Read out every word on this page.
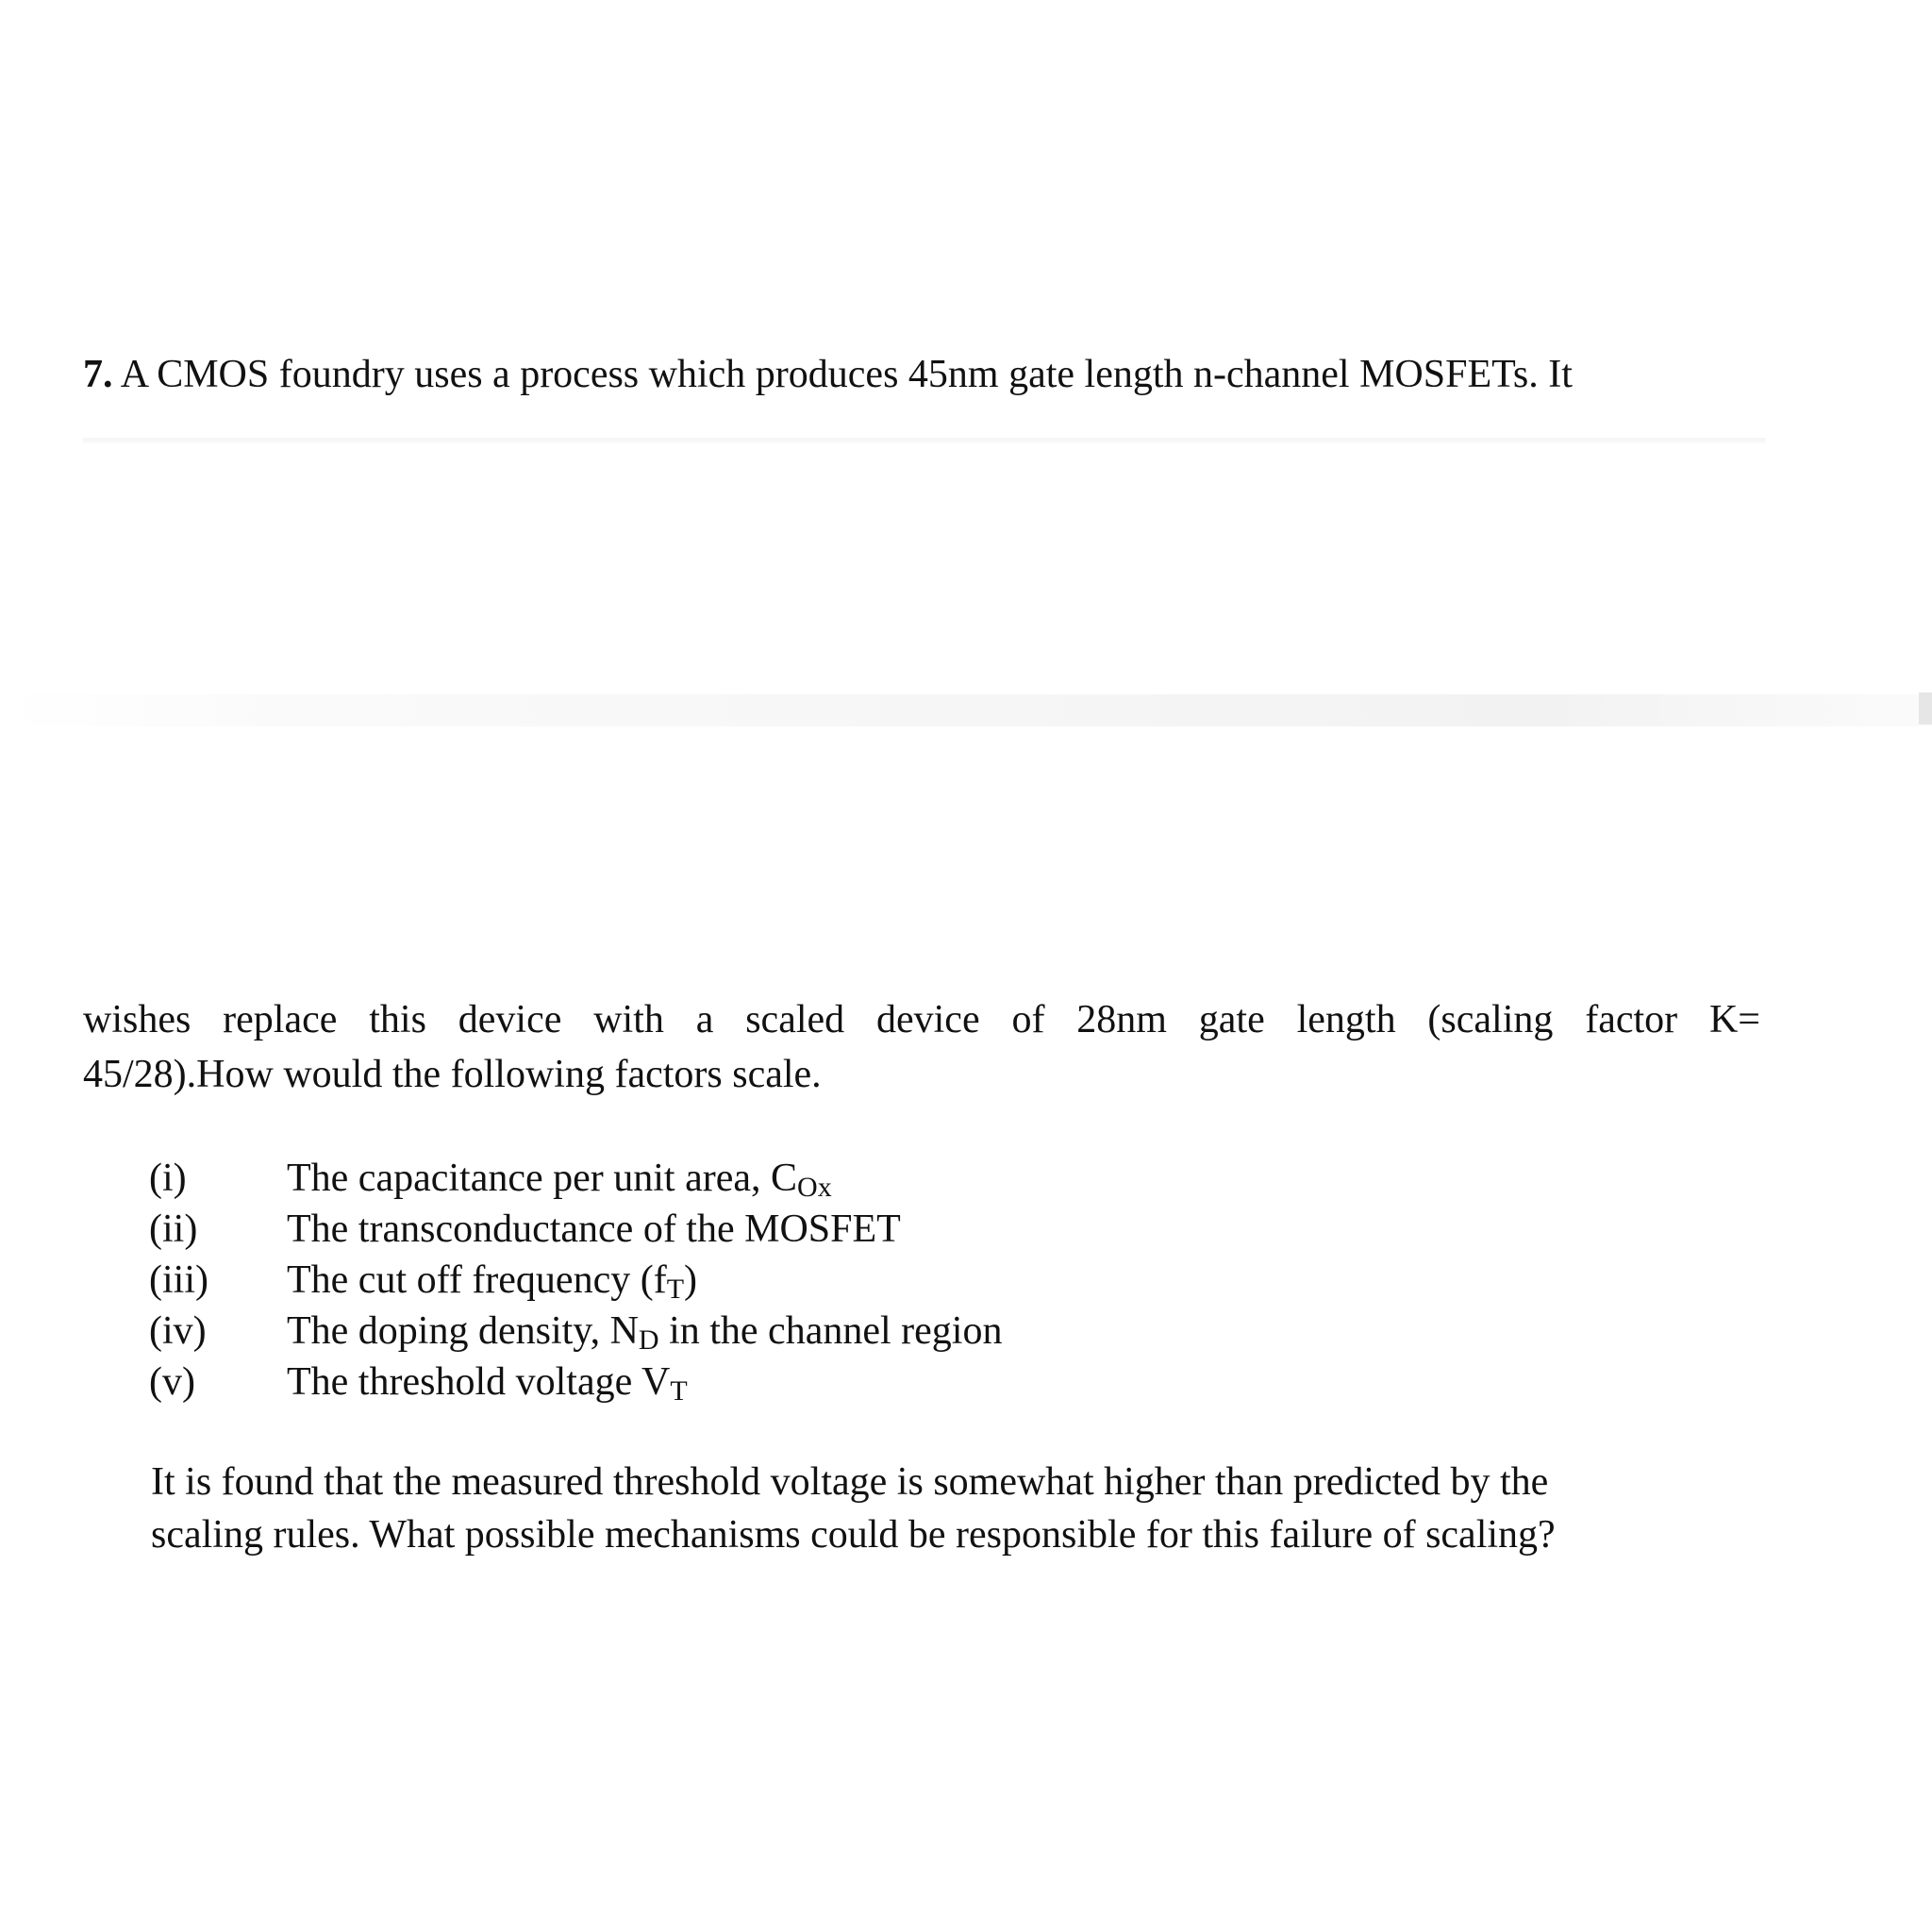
7. A CMOS foundry uses a process which produces 45nm gate length n-channel MOSFETs. It
wishes replace this device with a scaled device of 28nm gate length (scaling factor K=
45/28).How would the following factors scale.
(i)	The capacitance per unit area, $C_{Ox}$
(ii) The transconductance of the MOSFET
(iii) The cut off frequency $(f_T)$
(iv) The doping density, $N_D$ in the channel region
(v) The threshold voltage $V_T$
It is found that the measured threshold voltage is somewhat higher than predicted by the
scaling rules. What possible mechanisms could be responsible for this failure of scaling?
